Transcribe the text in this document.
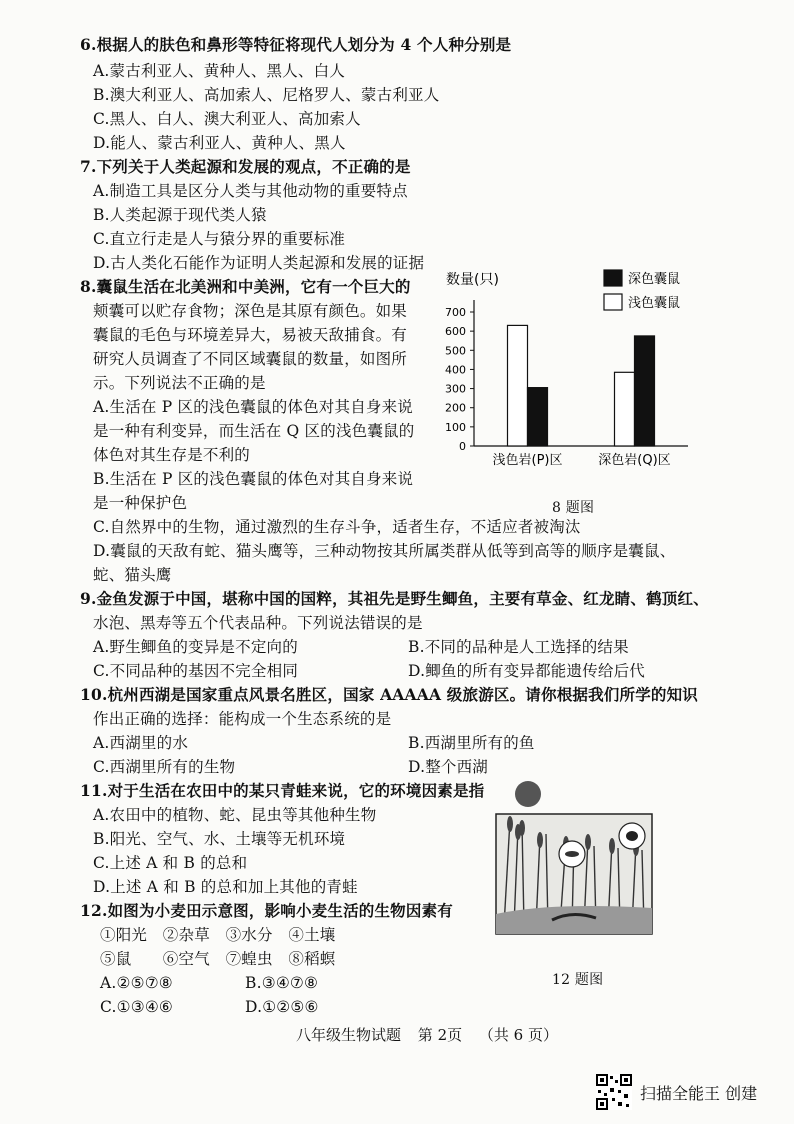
6.根据人的肤色和鼻形等特征将现代人划分为 4 个人种分别是
A.蒙古利亚人、黄种人、黑人、白人
B.澳大利亚人、高加索人、尼格罗人、蒙古利亚人
C.黑人、白人、澳大利亚人、高加索人
D.能人、蒙古利亚人、黄种人、黑人
7.下列关于人类起源和发展的观点，不正确的是
A.制造工具是区分人类与其他动物的重要特点
B.人类起源于现代类人猿
C.直立行走是人与猿分界的重要标准
D.古人类化石能作为证明人类起源和发展的证据
8.囊鼠生活在北美洲和中美洲，它有一个巨大的
颊囊可以贮存食物；深色是其原有颜色。如果
囊鼠的毛色与环境差异大，易被天敌捕食。有
研究人员调查了不同区域囊鼠的数量，如图所
示。下列说法不正确的是
A.生活在 P 区的浅色囊鼠的体色对其自身来说
是一种有利变异，而生活在 Q 区的浅色囊鼠的
体色对其生存是不利的
B.生活在 P 区的浅色囊鼠的体色对其自身来说
是一种保护色
C.自然界中的生物，通过激烈的生存斗争，适者生存，不适应者被淘汰
D.囊鼠的天敌有蛇、猫头鹰等，三种动物按其所属类群从低等到高等的顺序是囊鼠、
蛇、猫头鹰
数量(只)
0
100
200
300
400
500
600
700
浅色岩(P)区	深色岩(Q)区
深色囊鼠
浅色囊鼠
8 题图
9.金鱼发源于中国，堪称中国的国粹，其祖先是野生鲫鱼，主要有草金、红龙睛、鹤顶红、
水泡、黑寿等五个代表品种。下列说法错误的是
A.野生鲫鱼的变异是不定向的	B.不同的品种是人工选择的结果
C.不同品种的基因不完全相同	D.鲫鱼的所有变异都能遗传给后代
10.杭州西湖是国家重点风景名胜区，国家 AAAAA 级旅游区。请你根据我们所学的知识
作出正确的选择：能构成一个生态系统的是
A.西湖里的水	B.西湖里所有的鱼
C.西湖里所有的生物	D.整个西湖
11.对于生活在农田中的某只青蛙来说，它的环境因素是指
A.农田中的植物、蛇、昆虫等其他种生物
B.阳光、空气、水、土壤等无机环境
C.上述 A 和 B 的总和
D.上述 A 和 B 的总和加上其他的青蛙
12.如图为小麦田示意图，影响小麦生活的生物因素有
①阳光　②杂草　③水分　④土壤
⑤鼠　　⑥空气　⑦蝗虫　⑧稻螟
12 题图
八年级生物试题 第 2页 （共 6 页）
扫描全能王 创建
A.②⑤⑦⑧	B.③④⑦⑧
C.①③④⑥	D.①②⑤⑥
